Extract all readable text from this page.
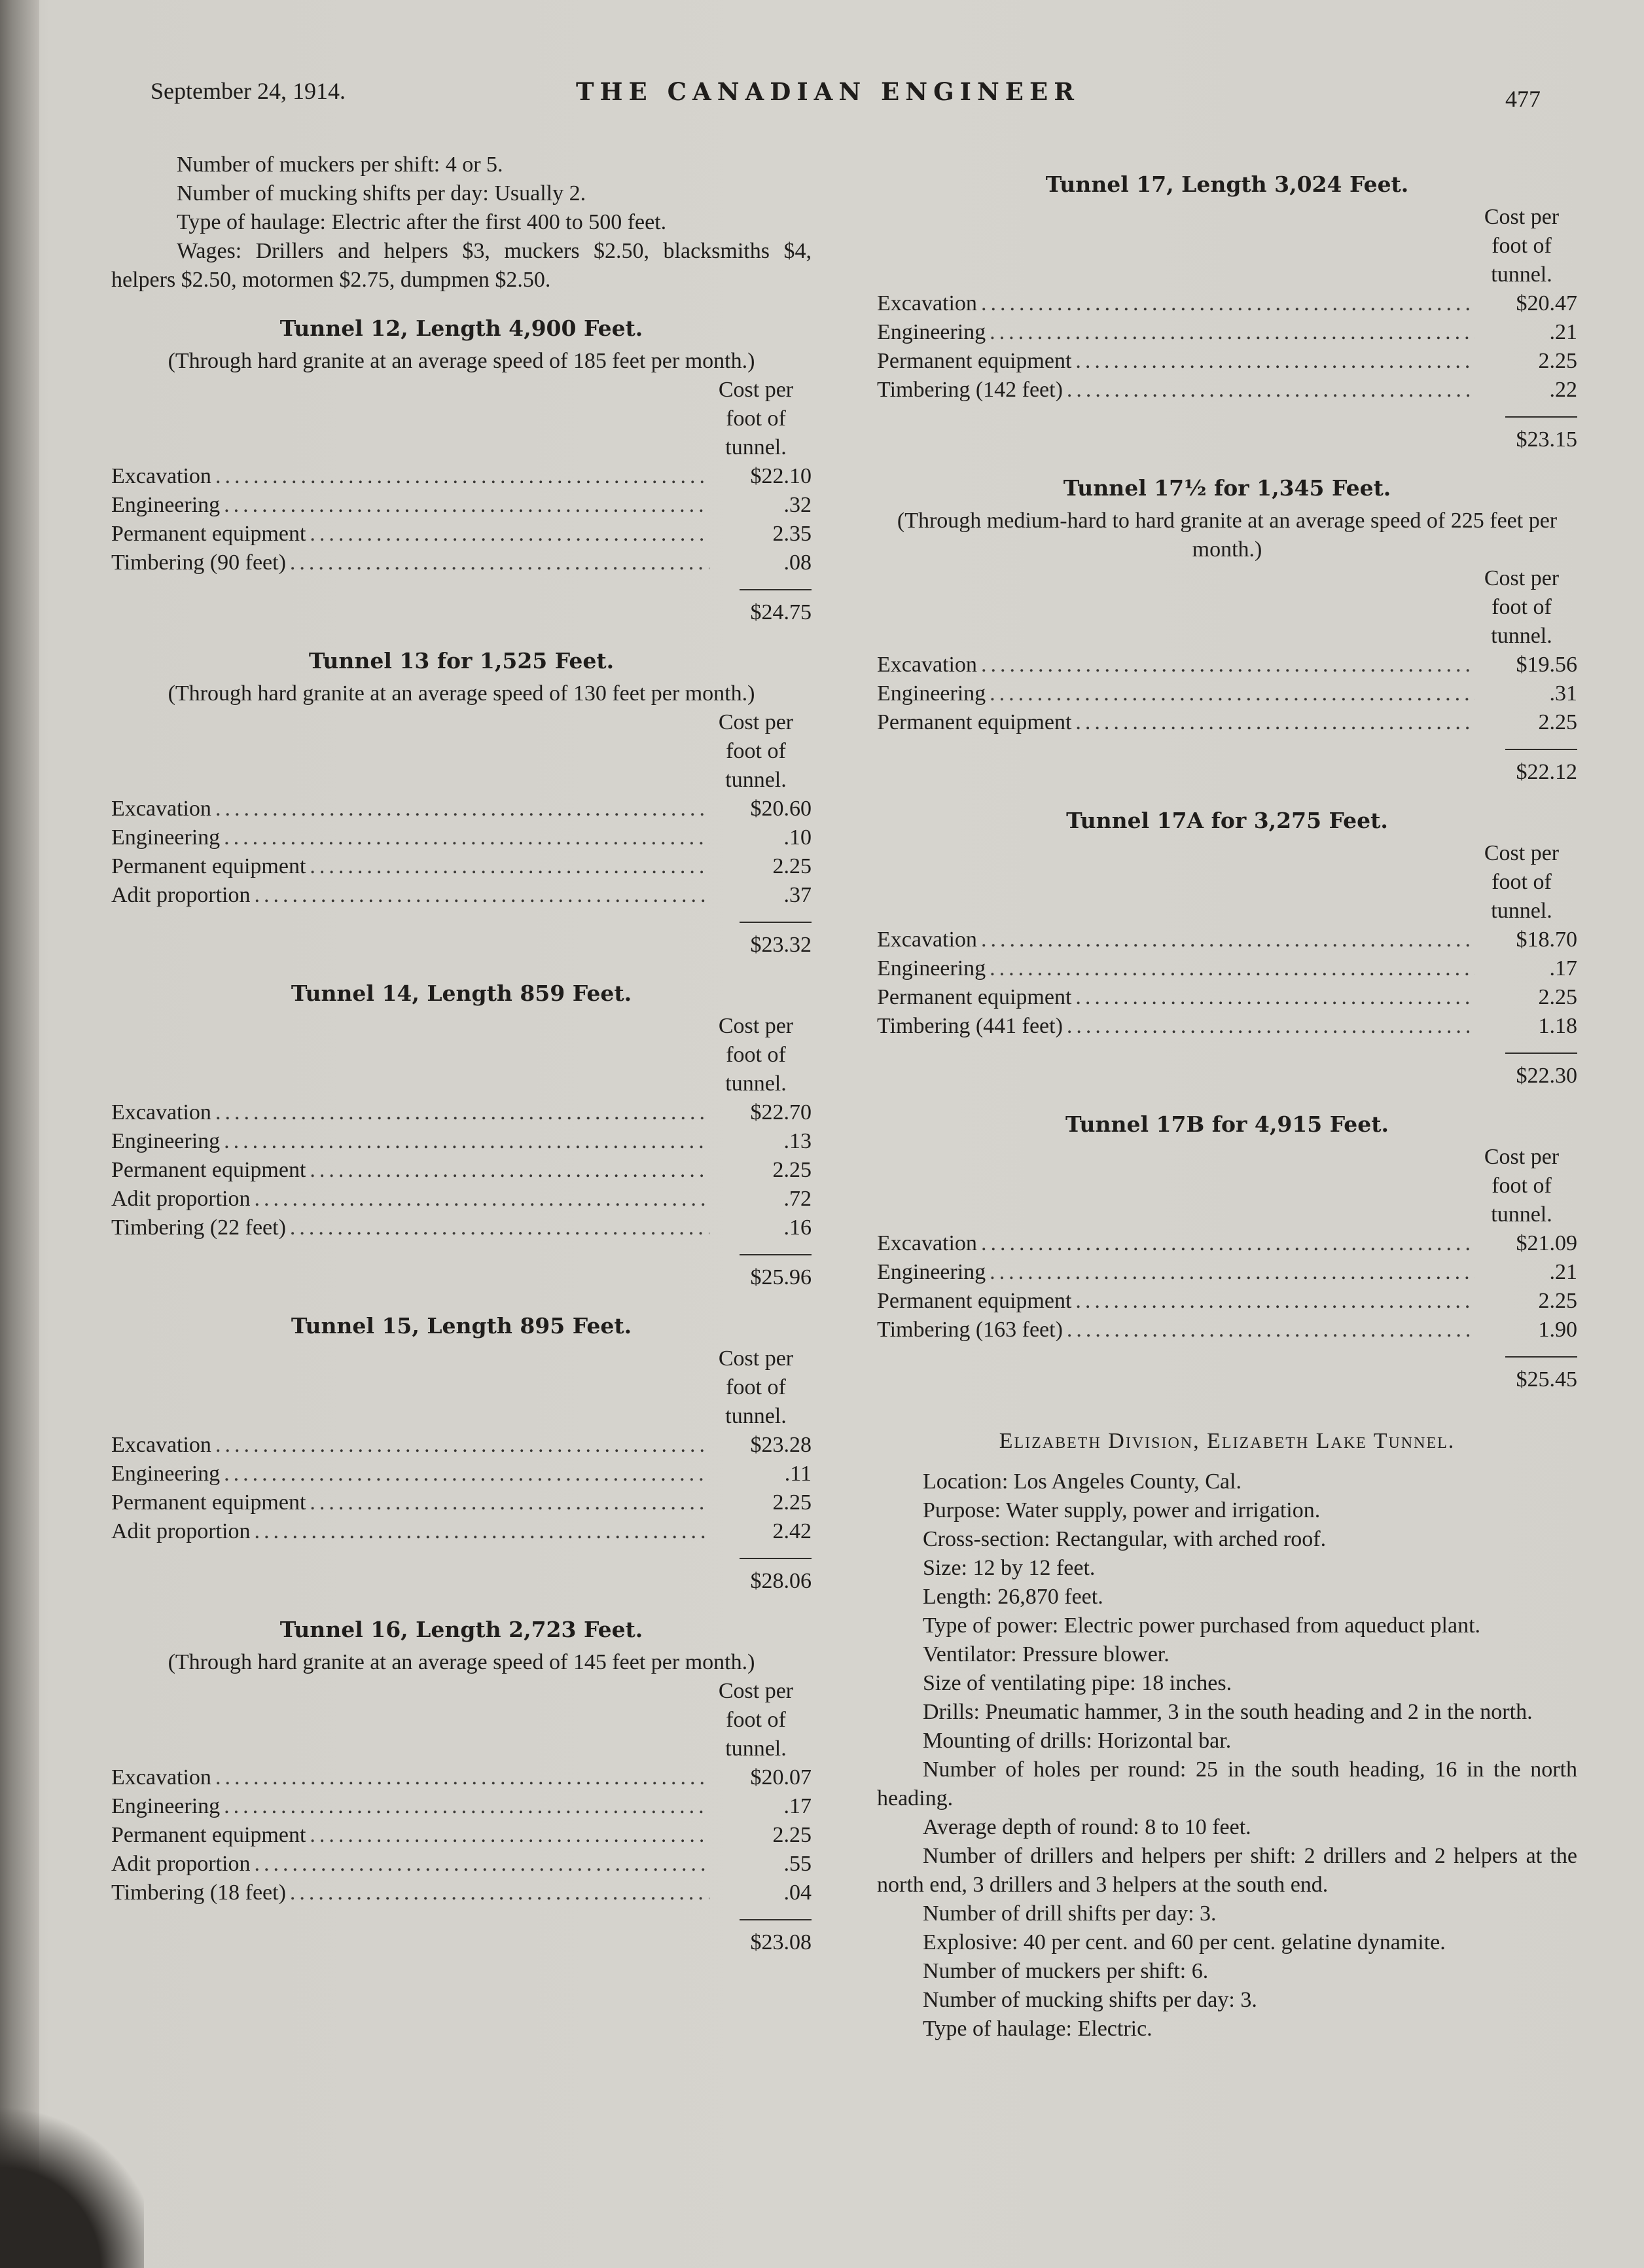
September 24, 1914.	THE CANADIAN ENGINEER	477

Number of muckers per shift: 4 or 5.

Number of mucking shifts per day: Usually 2.

Type of haulage: Electric after the first 400 to 500 feet.

Wages: Drillers and helpers $3, muckers $2.50, blacksmiths $4, helpers $2.50, motormen $2.75, dumpmen $2.50.

Tunnel 12, Length 4,900 Feet.

(Through hard granite at an average speed of 185 feet per month.)

Cost per foot of tunnel.
Excavation .....	$22.10
Engineering .....	.32
Permanent equipment .....	2.35
Timbering (90 feet) .....	.08
$24.75
Tunnel 13 for 1,525 Feet.

(Through hard granite at an average speed of 130 feet per month.)

Cost per foot of tunnel.
Excavation .....	$20.60
Engineering .....	.10
Permanent equipment .....	2.25
Adit proportion .....	.37
$23.32
Tunnel 14, Length 859 Feet.
Cost per foot of tunnel.
Excavation .....	$22.70
Engineering .....	.13
Permanent equipment .....	2.25
Adit proportion .....	.72
Timbering (22 feet) .....	.16
$25.96
Tunnel 15, Length 895 Feet.
Cost per foot of tunnel.
Excavation .....	$23.28
Engineering .....	.11
Permanent equipment .....	2.25
Adit proportion .....	2.42
$28.06
Tunnel 16, Length 2,723 Feet.

(Through hard granite at an average speed of 145 feet per month.)

Cost per foot of tunnel.
Excavation .....	$20.07
Engineering .....	.17
Permanent equipment .....	2.25
Adit proportion .....	.55
Timbering (18 feet) .....	.04
$23.08
Tunnel 17, Length 3,024 Feet.
Cost per foot of tunnel.
Excavation .....	$20.47
Engineering .....	.21
Permanent equipment .....	2.25
Timbering (142 feet) .....	.22
$23.15
Tunnel 17½ for 1,345 Feet.

(Through medium-hard to hard granite at an average speed of 225 feet per month.)

Cost per foot of tunnel.
Excavation .....	$19.56
Engineering .....	.31
Permanent equipment .....	2.25
$22.12
Tunnel 17A for 3,275 Feet.
Cost per foot of tunnel.
Excavation .....	$18.70
Engineering .....	.17
Permanent equipment .....	2.25
Timbering (441 feet) .....	1.18
$22.30
Tunnel 17B for 4,915 Feet.
Cost per foot of tunnel.
Excavation .....	$21.09
Engineering .....	.21
Permanent equipment .....	2.25
Timbering (163 feet) .....	1.90
$25.45
Elizabeth Division, Elizabeth Lake Tunnel.

Location: Los Angeles County, Cal.

Purpose: Water supply, power and irrigation.

Cross-section: Rectangular, with arched roof.

Size: 12 by 12 feet.

Length: 26,870 feet.

Type of power: Electric power purchased from aqueduct plant.

Ventilator: Pressure blower.

Size of ventilating pipe: 18 inches.

Drills: Pneumatic hammer, 3 in the south heading and 2 in the north.

Mounting of drills: Horizontal bar.

Number of holes per round: 25 in the south heading, 16 in the north heading.

Average depth of round: 8 to 10 feet.

Number of drillers and helpers per shift: 2 drillers and 2 helpers at the north end, 3 drillers and 3 helpers at the south end.

Number of drill shifts per day: 3.

Explosive: 40 per cent. and 60 per cent. gelatine dynamite.

Number of muckers per shift: 6.

Number of mucking shifts per day: 3.

Type of haulage: Electric.
